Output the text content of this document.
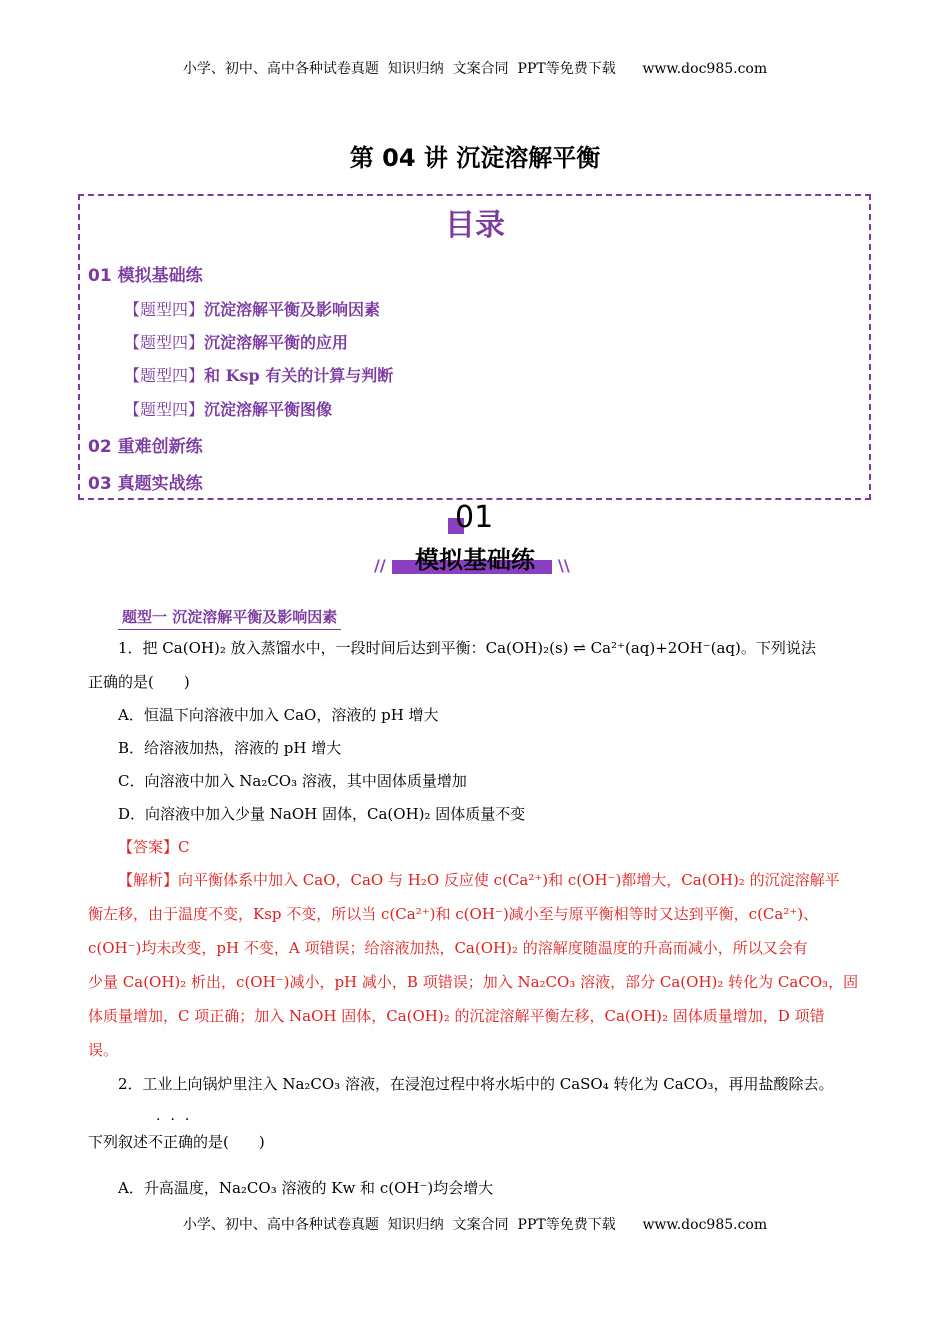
小学、初中、高中各种试卷真题  知识归纳  文案合同  PPT等免费下载      www.doc985.com
第 04 讲 沉淀溶解平衡
目录
01 模拟基础练
【题型四】沉淀溶解平衡及影响因素
【题型四】沉淀溶解平衡的应用
【题型四】和 Ksp 有关的计算与判断
【题型四】沉淀溶解平衡图像
02 重难创新练
03 真题实战练
01
//	\\
模拟基础练
题型一 沉淀溶解平衡及影响因素
1．把 Ca(OH)₂ 放入蒸馏水中，一段时间后达到平衡：Ca(OH)₂(s) ⇌ Ca²⁺(aq)+2OH⁻(aq)。下列说法
正确的是(　　)
A．恒温下向溶液中加入 CaO，溶液的 pH 增大
B．给溶液加热，溶液的 pH 增大
C．向溶液中加入 Na₂CO₃ 溶液，其中固体质量增加
D．向溶液中加入少量 NaOH 固体，Ca(OH)₂ 固体质量不变
【答案】C
【解析】向平衡体系中加入 CaO，CaO 与 H₂O 反应使 c(Ca²⁺)和 c(OH⁻)都增大，Ca(OH)₂ 的沉淀溶解平
衡左移，由于温度不变，Ksp 不变，所以当 c(Ca²⁺)和 c(OH⁻)减小至与原平衡相等时又达到平衡，c(Ca²⁺)、
c(OH⁻)均未改变，pH 不变，A 项错误；给溶液加热，Ca(OH)₂ 的溶解度随温度的升高而减小，所以又会有
少量 Ca(OH)₂ 析出，c(OH⁻)减小，pH 减小，B 项错误；加入 Na₂CO₃ 溶液，部分 Ca(OH)₂ 转化为 CaCO₃，固
体质量增加，C 项正确；加入 NaOH 固体，Ca(OH)₂ 的沉淀溶解平衡左移，Ca(OH)₂ 固体质量增加，D 项错
误。
2．工业上向锅炉里注入 Na₂CO₃ 溶液，在浸泡过程中将水垢中的 CaSO₄ 转化为 CaCO₃，再用盐酸除去。
···
下列叙述不正确的是(　　)
A．升高温度，Na₂CO₃ 溶液的 Kw 和 c(OH⁻)均会增大
小学、初中、高中各种试卷真题  知识归纳  文案合同  PPT等免费下载      www.doc985.com
